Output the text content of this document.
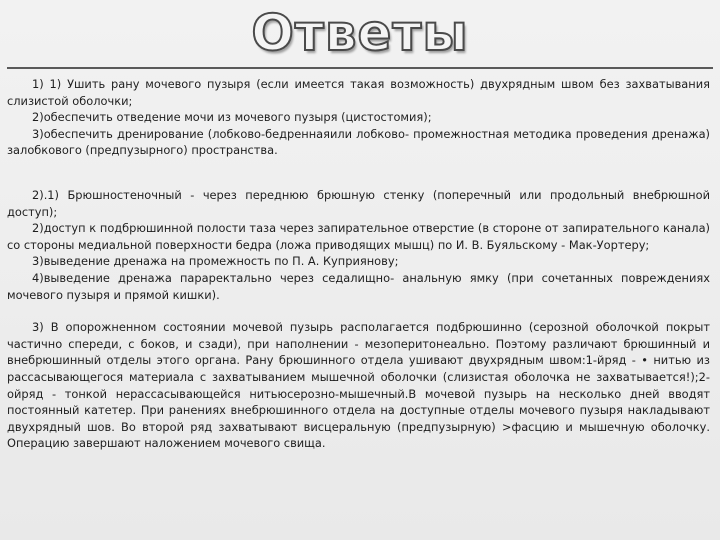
Ответы

1) 1) Ушить рану мочевого пузыря (если имеется такая возможность) двухрядным швом без захватывания слизистой оболочки;

2)обеспечить отведение мочи из мочевого пузыря (цистостомия);

3)обеспечить дренирование (лобково-бедреннаяили лобково- промежностная методика проведения дренажа) залобкового (предпузырного) пространства.

2).1) Брюшностеночный - через переднюю брюшную стенку (поперечный или продольный внебрюшной доступ);

2)доступ к подбрюшинной полости таза через запирательное отверстие (в стороне от запирательного канала) со стороны медиальной поверхности бедра (ложа приводящих мышц) по И. В. Буяльскому - Мак-Уортеру;

3)выведение дренажа на промежность по П. А. Куприянову;

4)выведение дренажа параректально через седалищно- анальную ямку (при сочетанных повреждениях мочевого пузыря и прямой кишки).

3) В опорожненном состоянии мочевой пузырь располагается подбрюшинно (серозной оболочкой покрыт частично спереди, с боков, и сзади), при наполнении - мезоперитонеально. Поэтому различают брюшинный и внебрюшинный отделы этого органа. Рану брюшинного отдела ушивают двухрядным швом:1-йряд - • нитью из рассасывающегося материала с захватыванием мышечной оболочки (слизистая оболочка не захватывается!);2-ойряд - тонкой нерассасывающейся нитьюсерозно-мышечный.В мочевой пузырь на несколько дней вводят постоянный катетер. При ранениях внебрюшинного отдела на доступные отделы мочевого пузыря накладывают двухрядный шов. Во второй ряд захватывают висцеральную (предпузырную) >фасцию и мышечную оболочку. Операцию завершают наложением мочевого свища.
